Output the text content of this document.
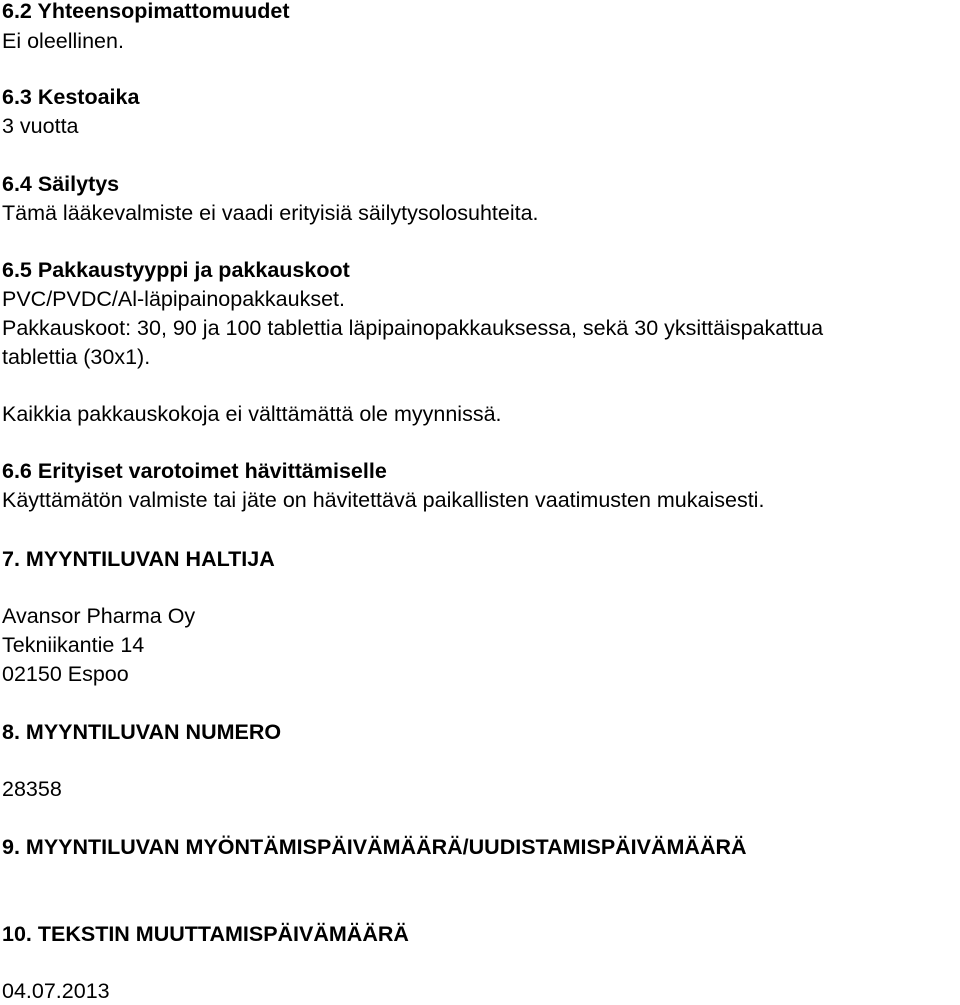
6.2 Yhteensopimattomuudet

Ei oleellinen.

6.3 Kestoaika

3 vuotta

6.4 Säilytys

Tämä lääkevalmiste ei vaadi erityisiä säilytysolosuhteita.

6.5 Pakkaustyyppi ja pakkauskoot

PVC/PVDC/Al-läpipainopakkaukset.

Pakkauskoot: 30, 90 ja 100 tablettia läpipainopakkauksessa, sekä 30 yksittäispakattua

tablettia (30x1).

Kaikkia pakkauskokoja ei välttämättä ole myynnissä.

6.6 Erityiset varotoimet hävittämiselle

Käyttämätön valmiste tai jäte on hävitettävä paikallisten vaatimusten mukaisesti.

7. MYYNTILUVAN HALTIJA

Avansor Pharma Oy

Tekniikantie 14

02150 Espoo

8. MYYNTILUVAN NUMERO

28358

9. MYYNTILUVAN MYÖNTÄMISPÄIVÄMÄÄRÄ/UUDISTAMISPÄIVÄMÄÄRÄ

10. TEKSTIN MUUTTAMISPÄIVÄMÄÄRÄ

04.07.2013
